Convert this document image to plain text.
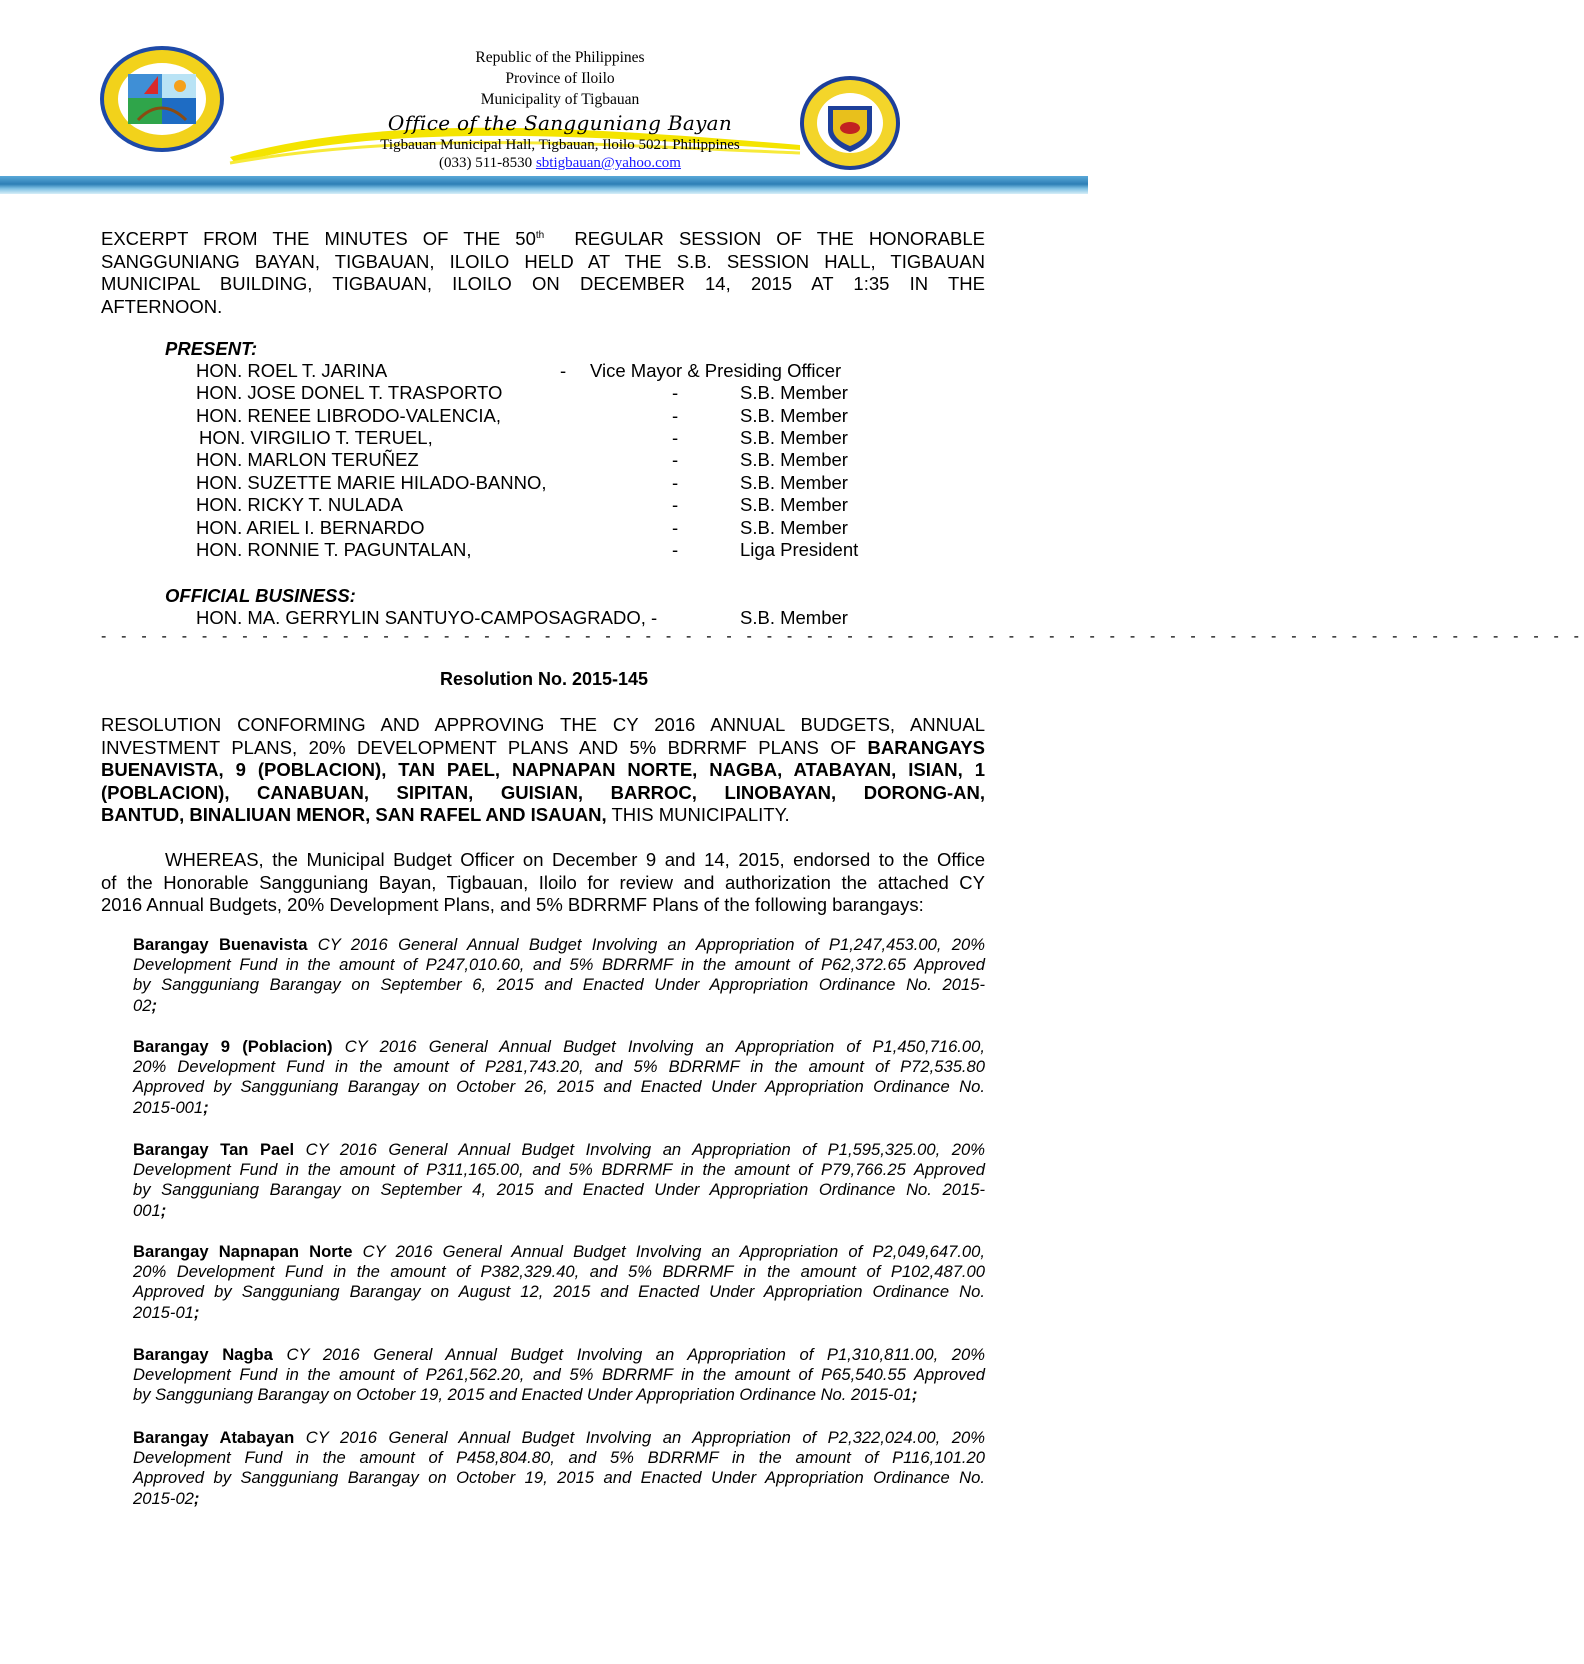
Republic of the Philippines
Province of Iloilo
Municipality of Tigbauan
Office of the Sangguniang Bayan
Tigbauan Municipal Hall, Tigbauan, Iloilo 5021 Philippines
(033) 511-8530 sbtigbauan@yahoo.com
EXCERPT FROM THE MINUTES OF THE 50th REGULAR SESSION OF THE HONORABLE
SANGGUNIANG BAYAN, TIGBAUAN, ILOILO HELD AT THE S.B. SESSION HALL, TIGBAUAN
MUNICIPAL BUILDING, TIGBAUAN, ILOILO ON DECEMBER 14, 2015 AT 1:35 IN THE
AFTERNOON.
PRESENT:
HON. ROEL T. JARINA	- Vice Mayor & Presiding Officer
HON. JOSE DONEL T. TRASPORTO	-	S.B. Member
HON. RENEE LIBRODO-VALENCIA,	-	S.B. Member
HON. VIRGILIO T. TERUEL,	-	S.B. Member
HON. MARLON TERUÑEZ	-	S.B. Member
HON. SUZETTE MARIE HILADO-BANNO,	-	S.B. Member
HON. RICKY T. NULADA	-	S.B. Member
HON. ARIEL I. BERNARDO	-	S.B. Member
HON. RONNIE T. PAGUNTALAN,	-	Liga President
OFFICIAL BUSINESS:
HON. MA. GERRYLIN SANTUYO-CAMPOSAGRADO, -	S.B. Member
- - - - - - - - - - - - - - - - - - - - - - - - - - - - - - - - - - - - - - - - - - - - - - - - - - - - - - - - - - - - - - - - - - - - - - - - - -
Resolution No. 2015-145
RESOLUTION CONFORMING AND APPROVING THE CY 2016 ANNUAL BUDGETS, ANNUAL
INVESTMENT PLANS, 20% DEVELOPMENT PLANS AND 5% BDRRMF PLANS OF BARANGAYS
BUENAVISTA, 9 (POBLACION), TAN PAEL, NAPNAPAN NORTE, NAGBA, ATABAYAN, ISIAN, 1
(POBLACION), CANABUAN, SIPITAN, GUISIAN, BARROC, LINOBAYAN, DORONG-AN,
BANTUD, BINALIUAN MENOR, SAN RAFEL AND ISAUAN, THIS MUNICIPALITY.
WHEREAS, the Municipal Budget Officer on December 9 and 14, 2015, endorsed to the Office
of the Honorable Sangguniang Bayan, Tigbauan, Iloilo for review and authorization the attached CY
2016 Annual Budgets, 20% Development Plans, and 5% BDRRMF Plans of the following barangays:
Barangay Buenavista CY 2016 General Annual Budget Involving an Appropriation of P1,247,453.00, 20%
Development Fund in the amount of P247,010.60, and 5% BDRRMF in the amount of P62,372.65 Approved
by Sangguniang Barangay on September 6, 2015 and Enacted Under Appropriation Ordinance No. 2015-
02;
Barangay 9 (Poblacion) CY 2016 General Annual Budget Involving an Appropriation of P1,450,716.00,
20% Development Fund in the amount of P281,743.20, and 5% BDRRMF in the amount of P72,535.80
Approved by Sangguniang Barangay on October 26, 2015 and Enacted Under Appropriation Ordinance No.
2015-001;
Barangay Tan Pael CY 2016 General Annual Budget Involving an Appropriation of P1,595,325.00, 20%
Development Fund in the amount of P311,165.00, and 5% BDRRMF in the amount of P79,766.25 Approved
by Sangguniang Barangay on September 4, 2015 and Enacted Under Appropriation Ordinance No. 2015-
001;
Barangay Napnapan Norte CY 2016 General Annual Budget Involving an Appropriation of P2,049,647.00,
20% Development Fund in the amount of P382,329.40, and 5% BDRRMF in the amount of P102,487.00
Approved by Sangguniang Barangay on August 12, 2015 and Enacted Under Appropriation Ordinance No.
2015-01;
Barangay Nagba CY 2016 General Annual Budget Involving an Appropriation of P1,310,811.00, 20%
Development Fund in the amount of P261,562.20, and 5% BDRRMF in the amount of P65,540.55 Approved
by Sangguniang Barangay on October 19, 2015 and Enacted Under Appropriation Ordinance No. 2015-01;
Barangay Atabayan CY 2016 General Annual Budget Involving an Appropriation of P2,322,024.00, 20%
Development Fund in the amount of P458,804.80, and 5% BDRRMF in the amount of P116,101.20
Approved by Sangguniang Barangay on October 19, 2015 and Enacted Under Appropriation Ordinance No.
2015-02;
